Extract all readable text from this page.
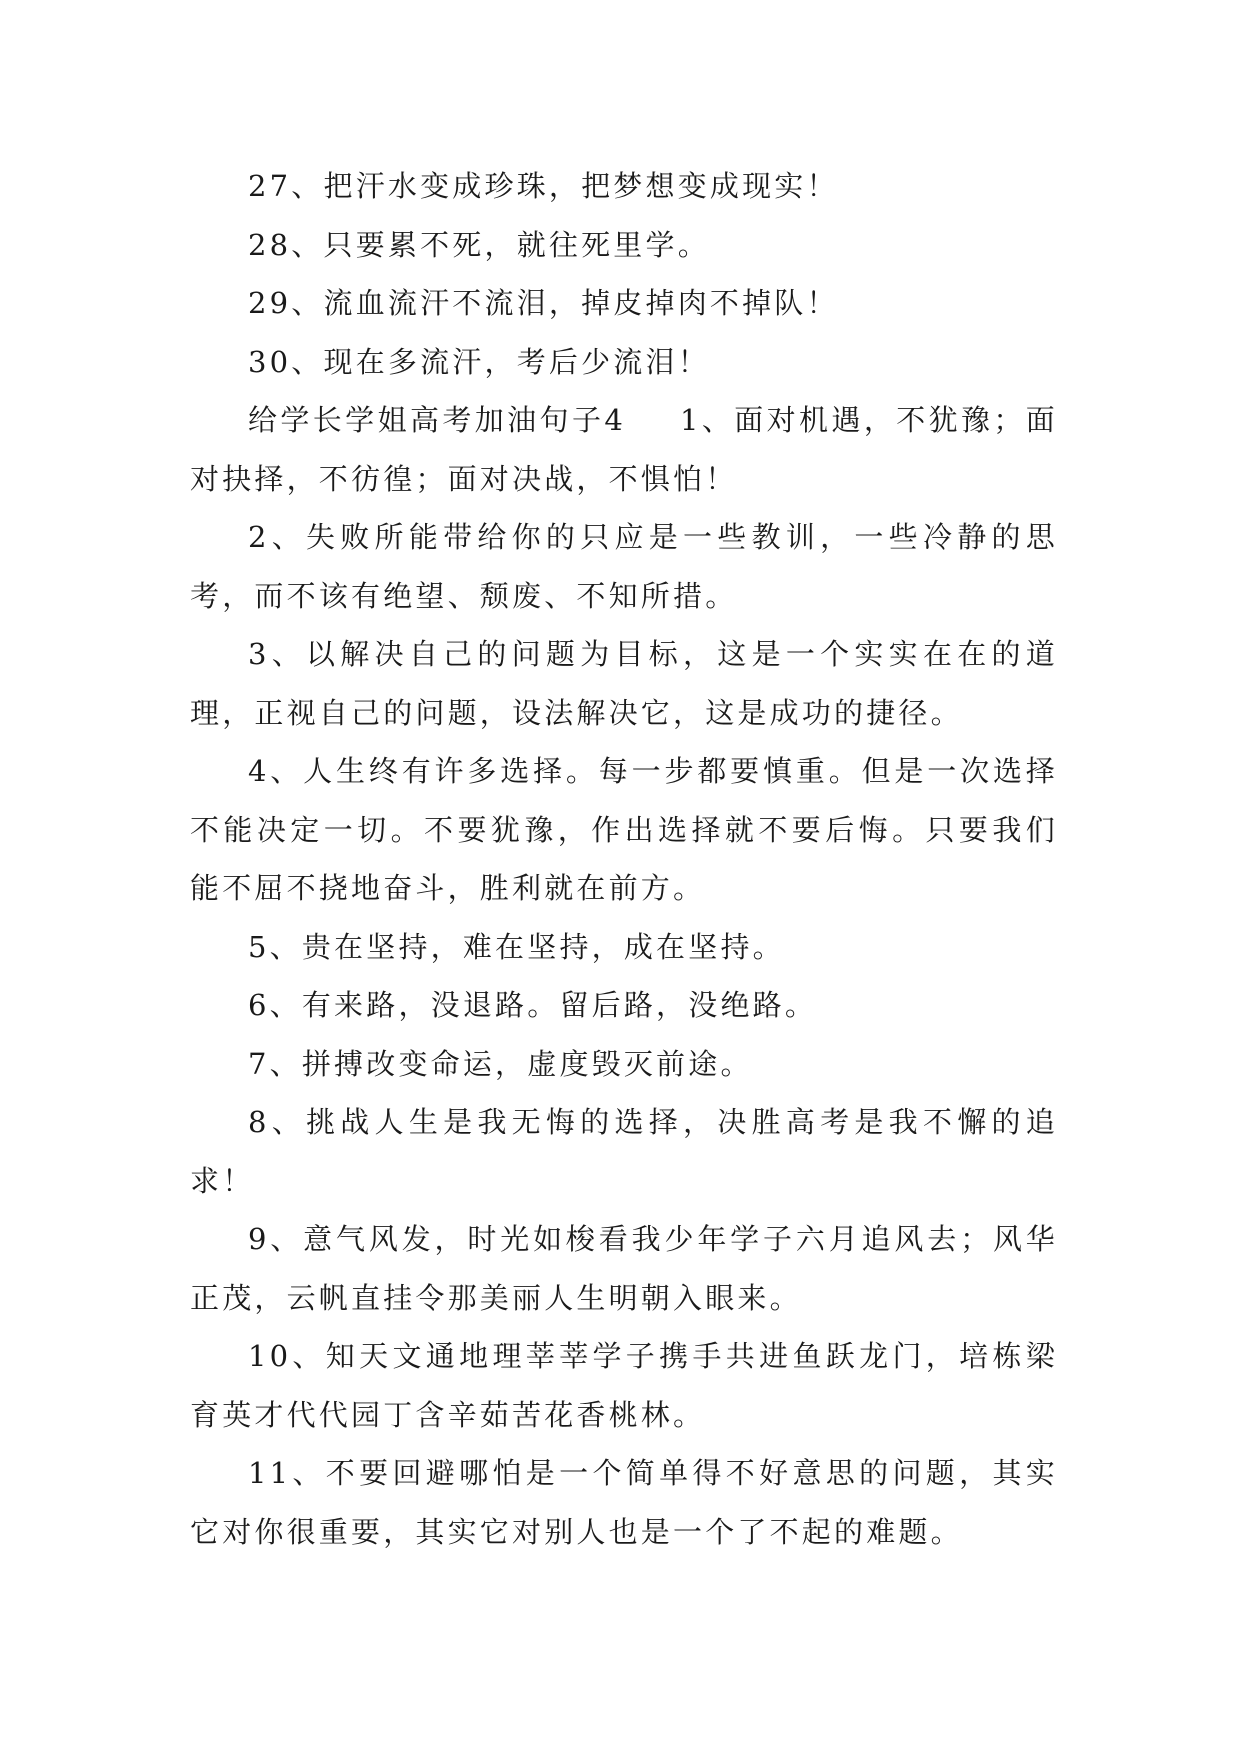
27、把汗水变成珍珠，把梦想变成现实！

28、只要累不死，就往死里学。

29、流血流汗不流泪，掉皮掉肉不掉队！

30、现在多流汗，考后少流泪！

给学长学姐高考加油句子4 1、面对机遇，不犹豫；面对抉择，不彷徨；面对决战，不惧怕！

2、失败所能带给你的只应是一些教训，一些冷静的思考，而不该有绝望、颓废、不知所措。

3、以解决自己的问题为目标，这是一个实实在在的道理，正视自己的问题，设法解决它，这是成功的捷径。

4、人生终有许多选择。每一步都要慎重。但是一次选择不能决定一切。不要犹豫，作出选择就不要后悔。只要我们能不屈不挠地奋斗，胜利就在前方。

5、贵在坚持，难在坚持，成在坚持。

6、有来路，没退路。留后路，没绝路。

7、拼搏改变命运，虚度毁灭前途。

8、挑战人生是我无悔的选择，决胜高考是我不懈的追求！

9、意气风发，时光如梭看我少年学子六月追风去；风华正茂，云帆直挂令那美丽人生明朝入眼来。

10、知天文通地理莘莘学子携手共进鱼跃龙门，培栋梁育英才代代园丁含辛茹苦花香桃林。

11、不要回避哪怕是一个简单得不好意思的问题，其实它对你很重要，其实它对别人也是一个了不起的难题。
